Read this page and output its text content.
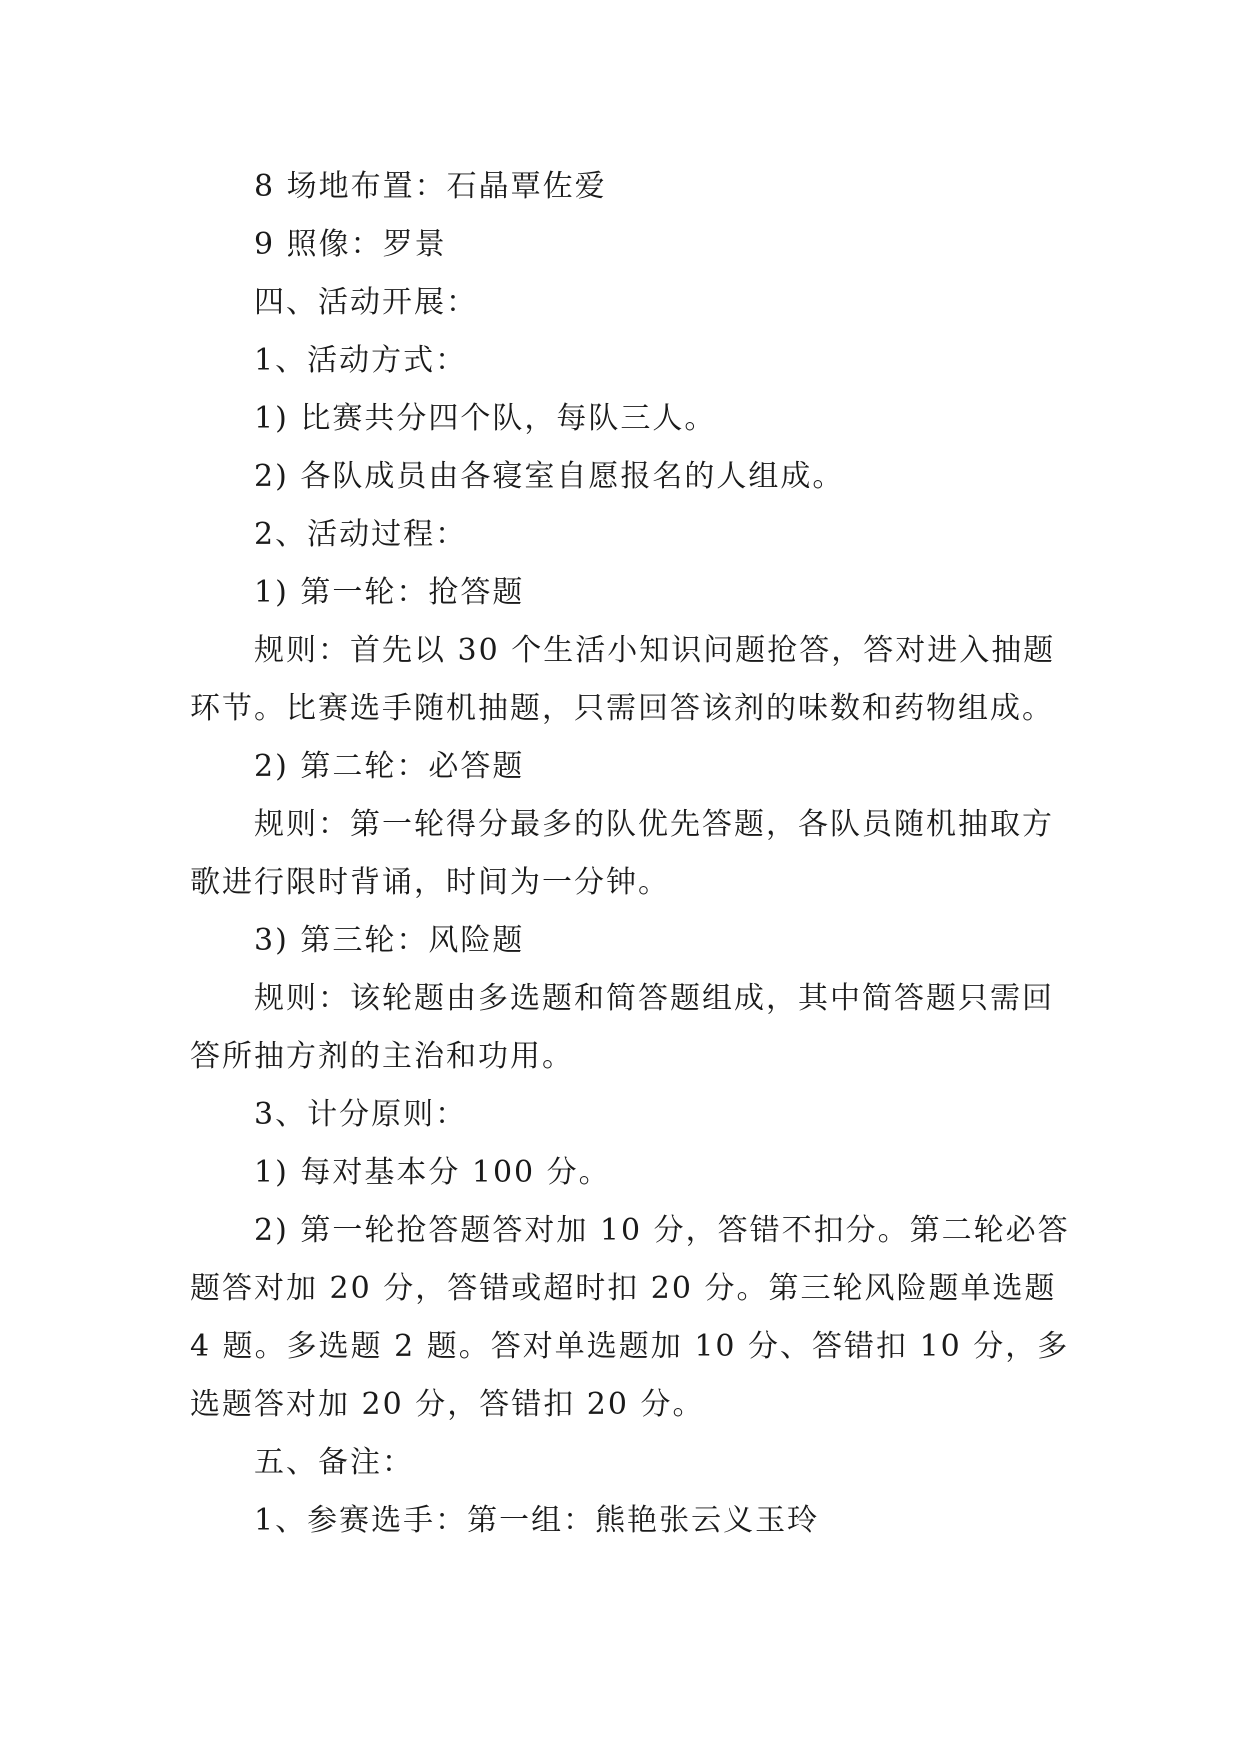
8 场地布置：石晶覃佐爱

9 照像：罗景

四、活动开展：

1、活动方式：

1) 比赛共分四个队，每队三人。

2) 各队成员由各寝室自愿报名的人组成。

2、活动过程：

1) 第一轮：抢答题

规则：首先以 30 个生活小知识问题抢答，答对进入抽题环节。比赛选手随机抽题，只需回答该剂的味数和药物组成。

2) 第二轮：必答题

规则：第一轮得分最多的队优先答题，各队员随机抽取方歌进行限时背诵，时间为一分钟。

3) 第三轮：风险题

规则：该轮题由多选题和简答题组成，其中简答题只需回答所抽方剂的主治和功用。

3、计分原则：

1) 每对基本分 100 分。

2) 第一轮抢答题答对加 10 分，答错不扣分。第二轮必答题答对加 20 分，答错或超时扣 20 分。第三轮风险题单选题 4 题。多选题 2 题。答对单选题加 10 分、答错扣 10 分，多选题答对加 20 分，答错扣 20 分。

五、备注：

1、参赛选手：第一组：熊艳张云义玉玲
